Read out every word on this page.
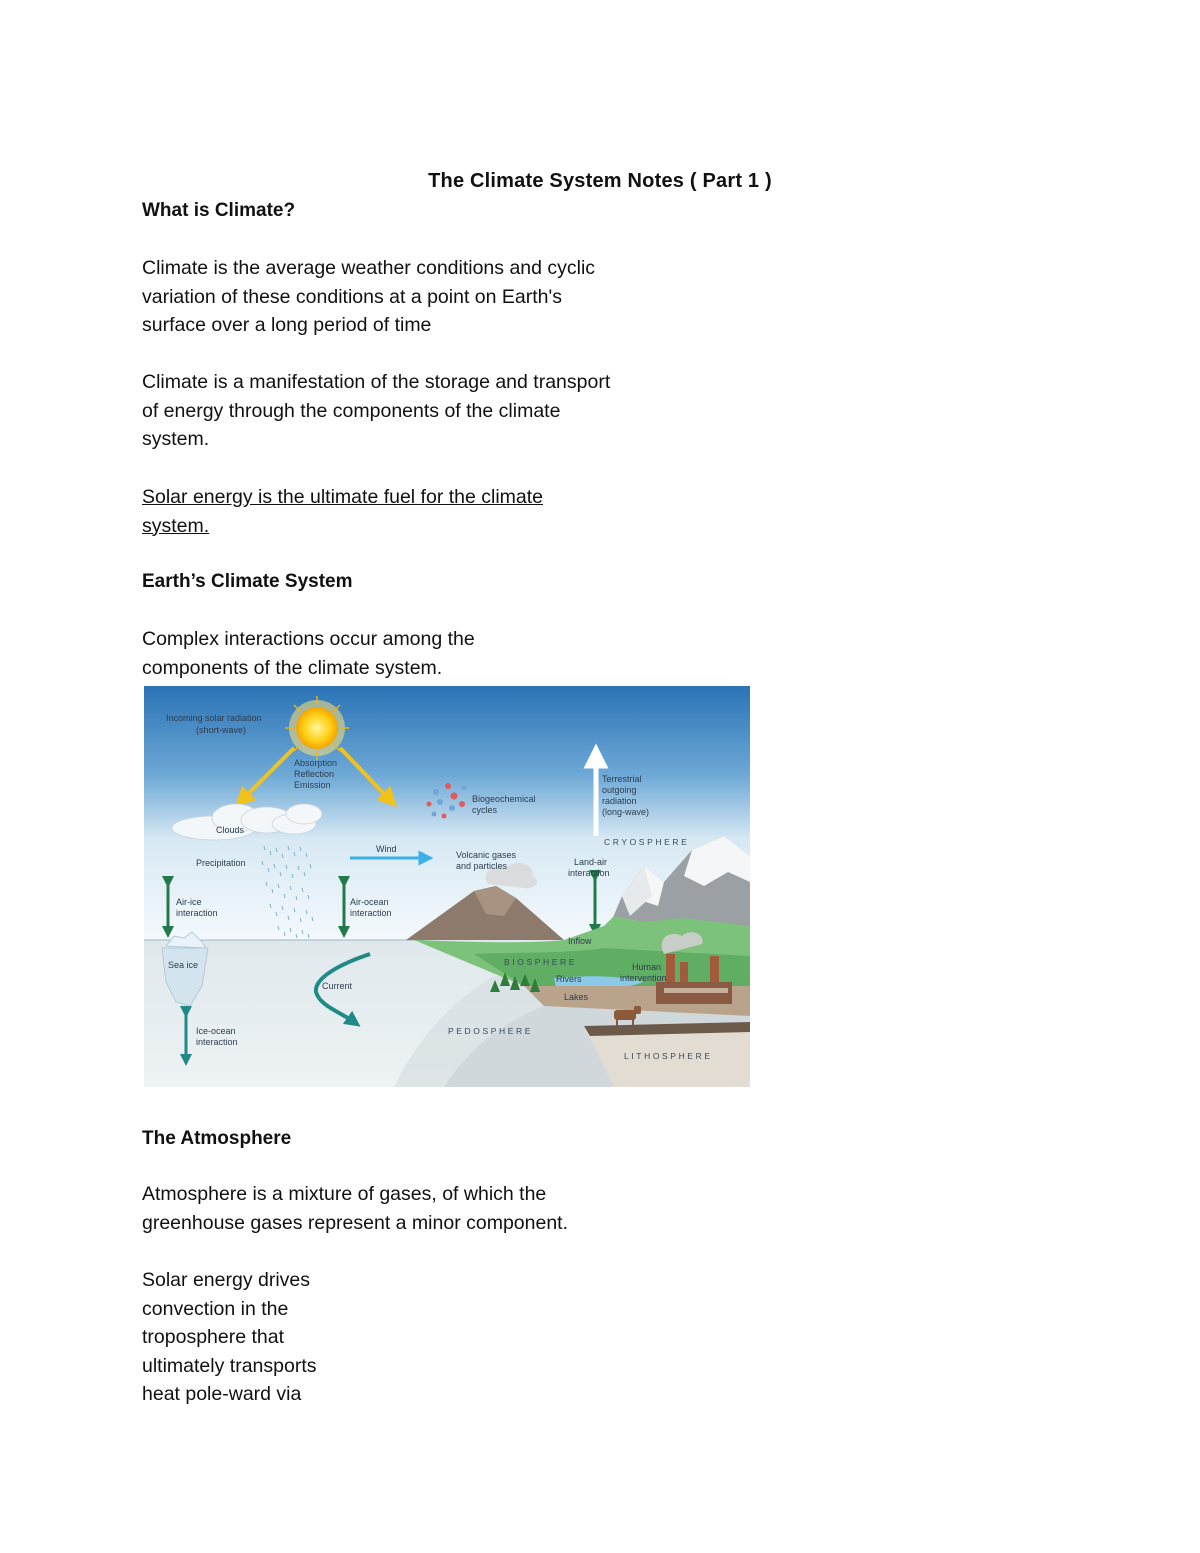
The Climate System Notes ( Part 1 )
What is Climate?
Climate is the average weather conditions and cyclic
variation of these conditions at a point on Earth's
surface over a long period of time
Climate is a manifestation of the storage and transport
of energy through the components of the climate
system.
Solar energy is the ultimate fuel for the climate
system.
Earth’s Climate System
Complex interactions occur among the
components of the climate system.
Incoming solar radiation
(short-wave)
Absorption
Reflection
Emission
Clouds
Precipitation
Biogeochemical
cycles
Terrestrial
outgoing
radiation
(long-wave)
CRYOSPHERE
Wind
Volcanic gases
and particles	Land-air
interaction
Air-ice
interaction
Air-ocean
interaction
Sea ice
Current
Inflow
BIOSPHERE
Rivers
Lakes
Human
intervention
Ice-ocean
interaction
PEDOSPHERE
LITHOSPHERE
The Atmosphere
Atmosphere is a mixture of gases, of which the
greenhouse gases represent a minor component.
Solar energy drives
convection in the
troposphere that
ultimately transports
heat pole-ward via
